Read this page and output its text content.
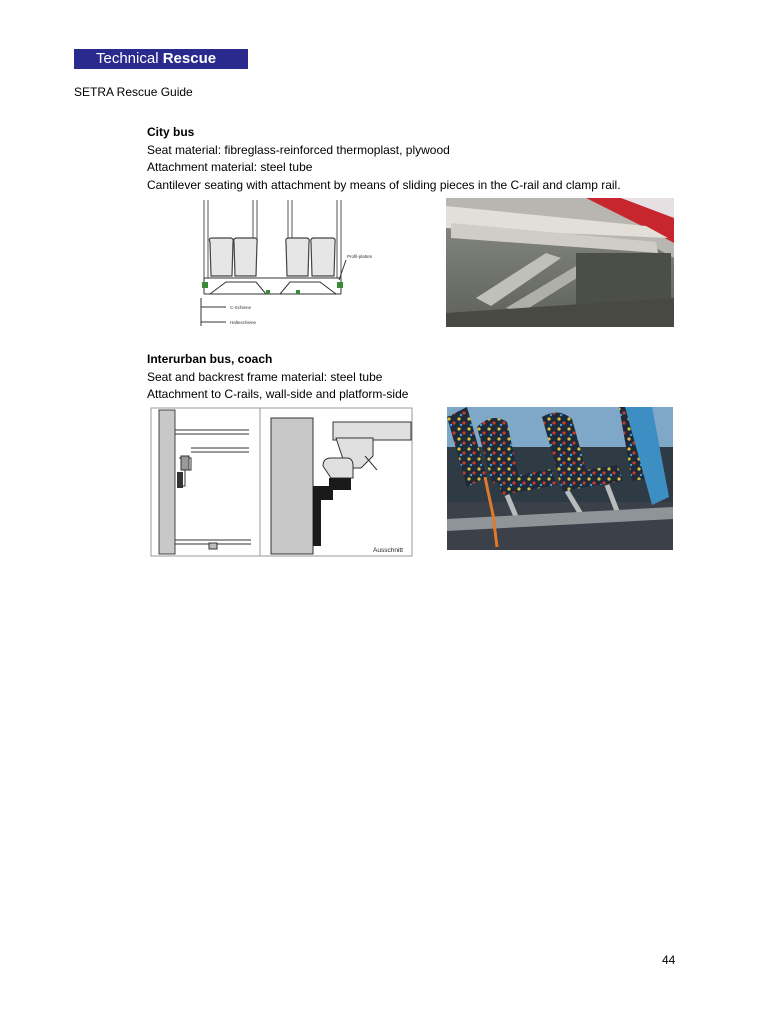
Technical Rescue
SETRA Rescue Guide
City bus
Seat material: fibreglass-reinforced thermoplast, plywood
Attachment material: steel tube
Cantilever seating with attachment by means of sliding pieces in the C-rail and clamp rail.
Profil-platten
C-Schiene
Halteschiene
Interurban bus, coach
Seat and backrest frame material: steel tube
Attachment to C-rails, wall-side and platform-side
Ausschnitt
44
